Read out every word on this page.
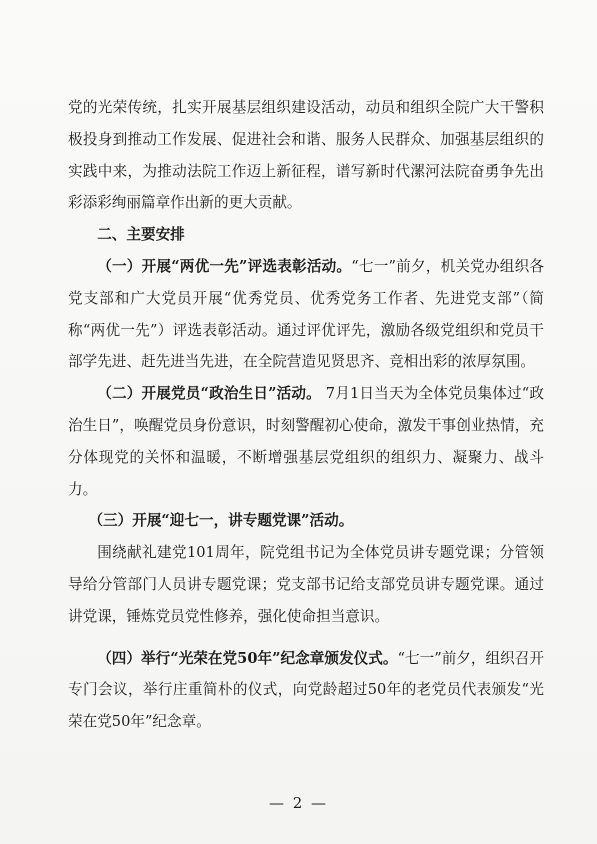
党的光荣传统，扎实开展基层组织建设活动，动员和组织全院广大干警积极投身到推动工作发展、促进社会和谐、服务人民群众、加强基层组织的实践中来，为推动法院工作迈上新征程，谱写新时代漯河法院奋勇争先出彩添彩绚丽篇章作出新的更大贡献。

二、主要安排

（一）开展“两优一先”评选表彰活动。“七一”前夕，机关党办组织各党支部和广大党员开展“优秀党员、优秀党务工作者、先进党支部”（简称“两优一先”）评选表彰活动。通过评优评先，激励各级党组织和党员干部学先进、赶先进当先进，在全院营造见贤思齐、竞相出彩的浓厚氛围。

（二）开展党员“政治生日”活动。 7月1日当天为全体党员集体过“政治生日”，唤醒党员身份意识，时刻警醒初心使命，激发干事创业热情，充分体现党的关怀和温暖，不断增强基层党组织的组织力、凝聚力、战斗力。

（三）开展“迎七一，讲专题党课”活动。

围绕献礼建党101周年，院党组书记为全体党员讲专题党课；分管领导给分管部门人员讲专题党课；党支部书记给支部党员讲专题党课。通过讲党课，锤炼党员党性修养，强化使命担当意识。

（四）举行“光荣在党50年”纪念章颁发仪式。“七一”前夕，组织召开专门会议，举行庄重简朴的仪式，向党龄超过50年的老党员代表颁发“光荣在党50年”纪念章。

— 2 —
